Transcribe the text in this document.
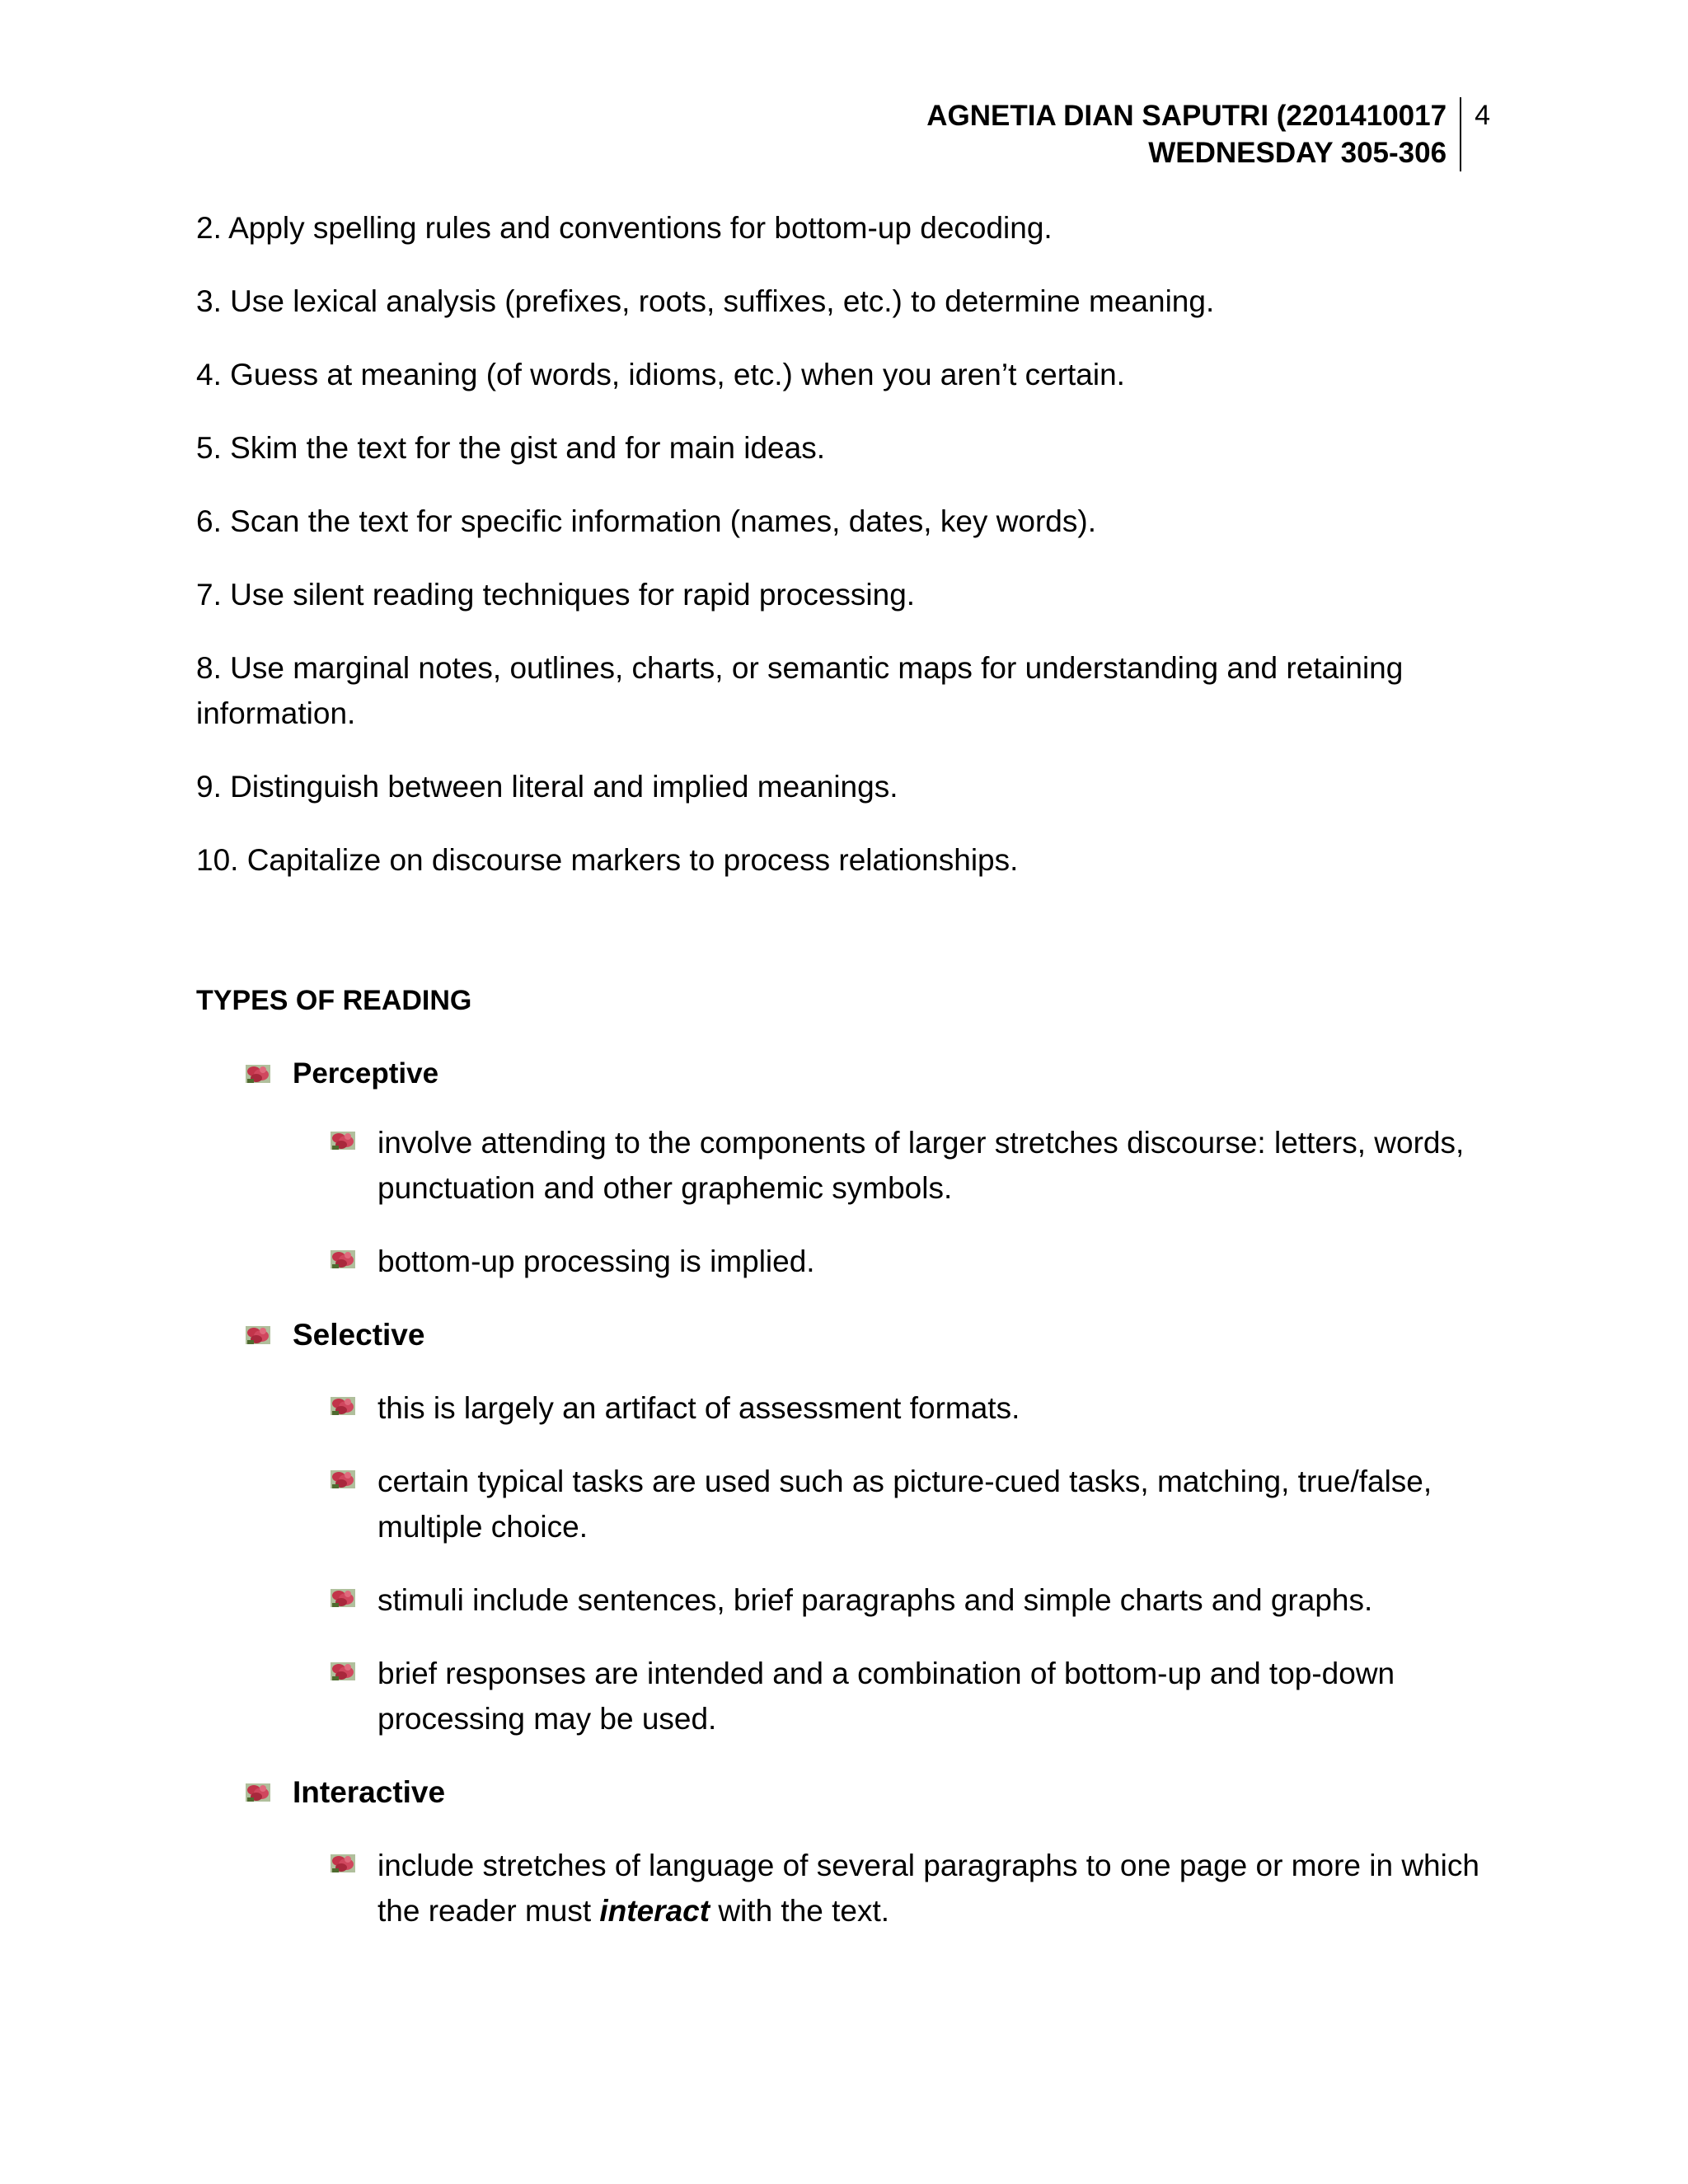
AGNETIA DIAN SAPUTRI (2201410017
WEDNESDAY 305-306
4

2. Apply spelling rules and conventions for bottom-up decoding.

3. Use lexical analysis (prefixes, roots, suffixes, etc.) to determine meaning.

4. Guess at meaning (of words, idioms, etc.) when you aren’t certain.

5. Skim the text for the gist and for main ideas.

6. Scan the text for specific information (names, dates, key words).

7. Use silent reading techniques for rapid processing.

8. Use marginal notes, outlines, charts, or semantic maps for understanding and retaining information.

9. Distinguish between literal and implied meanings.

10. Capitalize on discourse markers to process relationships.

TYPES OF READING
Perceptive
involve attending to the components of larger stretches discourse: letters, words, punctuation and other graphemic symbols.
bottom-up processing is implied.
Selective
this is largely an artifact of assessment formats.
certain typical tasks are used such as picture-cued tasks, matching, true/false, multiple choice.
stimuli include sentences, brief paragraphs and simple charts and graphs.
brief responses are intended and a combination of bottom-up and top-down processing may be used.
Interactive
include stretches of language of several paragraphs to one page or more in which the reader must interact with the text.
